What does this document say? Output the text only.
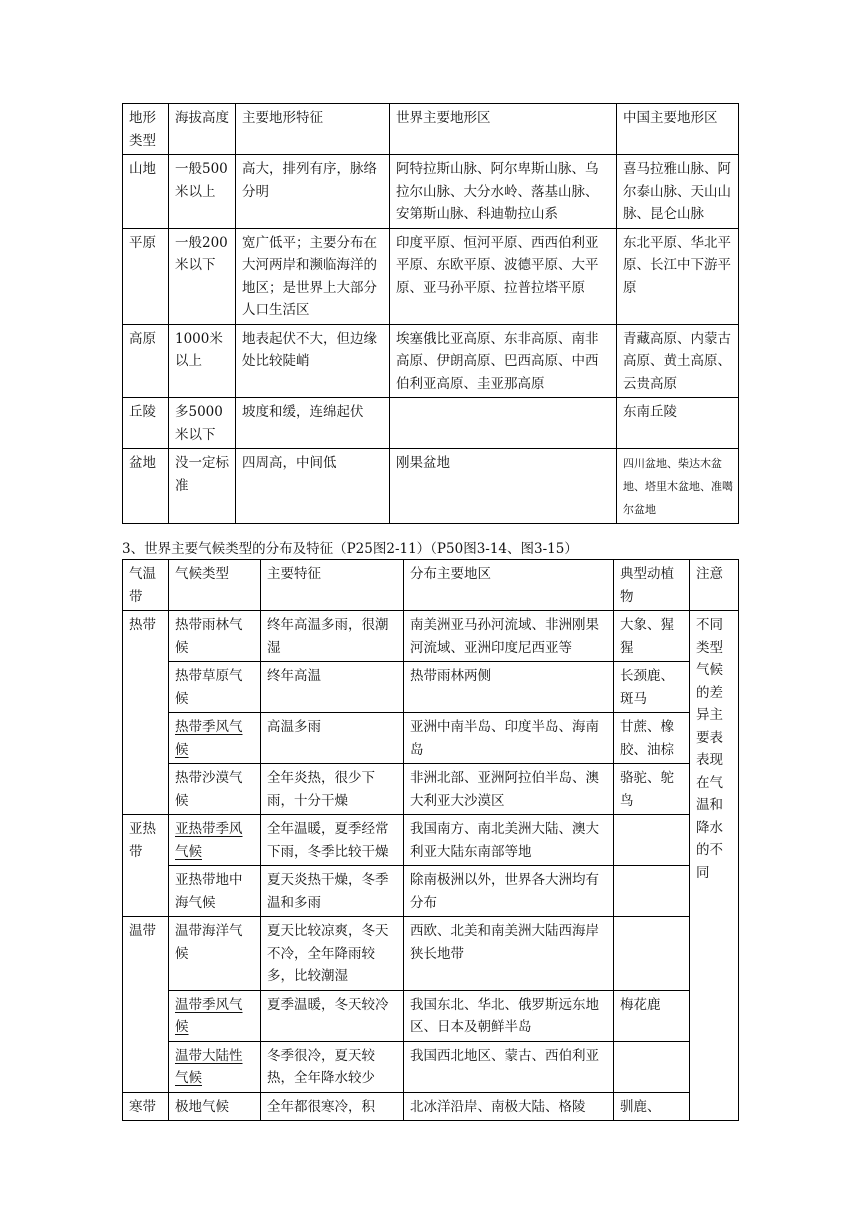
地形类型	海拔高度	主要地形特征	世界主要地形区	中国主要地形区
山地	一般500米以上	高大，排列有序，脉络分明	阿特拉斯山脉、阿尔卑斯山脉、乌拉尔山脉、大分水岭、落基山脉、安第斯山脉、科迪勒拉山系	喜马拉雅山脉、阿尔泰山脉、天山山脉、昆仑山脉
平原	一般200米以下	宽广低平；主要分布在大河两岸和濒临海洋的地区；是世界上大部分人口生活区	印度平原、恒河平原、西西伯利亚平原、东欧平原、波德平原、大平原、亚马孙平原、拉普拉塔平原	东北平原、华北平原、长江中下游平原
高原	1000米以上	地表起伏不大，但边缘处比较陡峭	埃塞俄比亚高原、东非高原、南非高原、伊朗高原、巴西高原、中西伯利亚高原、圭亚那高原	青藏高原、内蒙古高原、黄土高原、云贵高原
丘陵	多5000米以下	坡度和缓，连绵起伏		东南丘陵
盆地	没一定标准	四周高，中间低	刚果盆地	四川盆地、柴达木盆地、塔里木盆地、准噶尔盆地
3、世界主要气候类型的分布及特征（P25图2-11）（P50图3-14、图3-15）
气温带	气候类型	主要特征	分布主要地区	典型动植物	注意
热带	热带雨林气候	终年高温多雨，很潮湿	南美洲亚马孙河流域、非洲刚果河流域、亚洲印度尼西亚等	大象、猩猩	不同类型气候的差异主要表表现在气温和降水的不同
	热带草原气候	终年高温	热带雨林两侧	长颈鹿、斑马	
	热带季风气候	高温多雨	亚洲中南半岛、印度半岛、海南岛	甘蔗、橡胶、油棕	
	热带沙漠气候	全年炎热，很少下雨，十分干燥	非洲北部、亚洲阿拉伯半岛、澳大利亚大沙漠区	骆驼、鸵鸟	
亚热带	亚热带季风气候	全年温暖，夏季经常下雨，冬季比较干燥	我国南方、南北美洲大陆、澳大利亚大陆东南部等地		
	亚热带地中海气候	夏天炎热干燥，冬季温和多雨	除南极洲以外，世界各大洲均有分布		
温带	温带海洋气候	夏天比较凉爽，冬天不冷，全年降雨较多，比较潮湿	西欧、北美和南美洲大陆西海岸狭长地带		
	温带季风气候	夏季温暖，冬天较冷	我国东北、华北、俄罗斯远东地区、日本及朝鲜半岛	梅花鹿	
	温带大陆性气候	冬季很冷，夏天较热，全年降水较少	我国西北地区、蒙古、西伯利亚		
寒带	极地气候	全年都很寒冷，积	北冰洋沿岸、南极大陆、格陵	驯鹿、	
